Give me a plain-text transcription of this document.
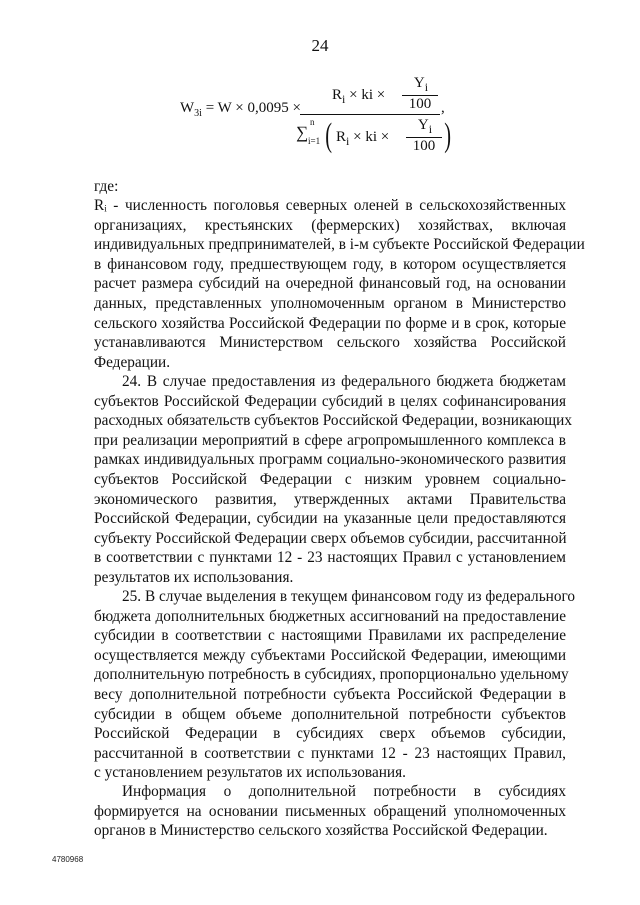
24
$W_{3i} = W \times 0,0095$ ×
$R_i$ × ki ×
$Y_i$
100
∑
n
i=1 ( $R_i$ × ki ×
$Y_i$
100 )
,
где:
Rᵢ - численность поголовья северных оленей в сельскохозяйственных
организациях, крестьянских (фермерских) хозяйствах, включая
индивидуальных предпринимателей, в i-м субъекте Российской Федерации
в финансовом году, предшествующем году, в котором осуществляется
расчет размера субсидий на очередной финансовый год, на основании
данных, представленных уполномоченным органом в Министерство
сельского хозяйства Российской Федерации по форме и в срок, которые
устанавливаются Министерством сельского хозяйства Российской
Федерации.
24. В случае предоставления из федерального бюджета бюджетам
субъектов Российской Федерации субсидий в целях софинансирования
расходных обязательств субъектов Российской Федерации, возникающих
при реализации мероприятий в сфере агропромышленного комплекса в
рамках индивидуальных программ социально-экономического развития
субъектов Российской Федерации с низким уровнем социально-
экономического развития, утвержденных актами Правительства
Российской Федерации, субсидии на указанные цели предоставляются
субъекту Российской Федерации сверх объемов субсидии, рассчитанной
в соответствии с пунктами 12 - 23 настоящих Правил с установлением
результатов их использования.
25. В случае выделения в текущем финансовом году из федерального
бюджета дополнительных бюджетных ассигнований на предоставление
субсидии в соответствии с настоящими Правилами их распределение
осуществляется между субъектами Российской Федерации, имеющими
дополнительную потребность в субсидиях, пропорционально удельному
весу дополнительной потребности субъекта Российской Федерации в
субсидии в общем объеме дополнительной потребности субъектов
Российской Федерации в субсидиях сверх объемов субсидии,
рассчитанной в соответствии с пунктами 12 - 23 настоящих Правил,
с установлением результатов их использования.
Информация о дополнительной потребности в субсидиях
формируется на основании письменных обращений уполномоченных
органов в Министерство сельского хозяйства Российской Федерации.
4780968
